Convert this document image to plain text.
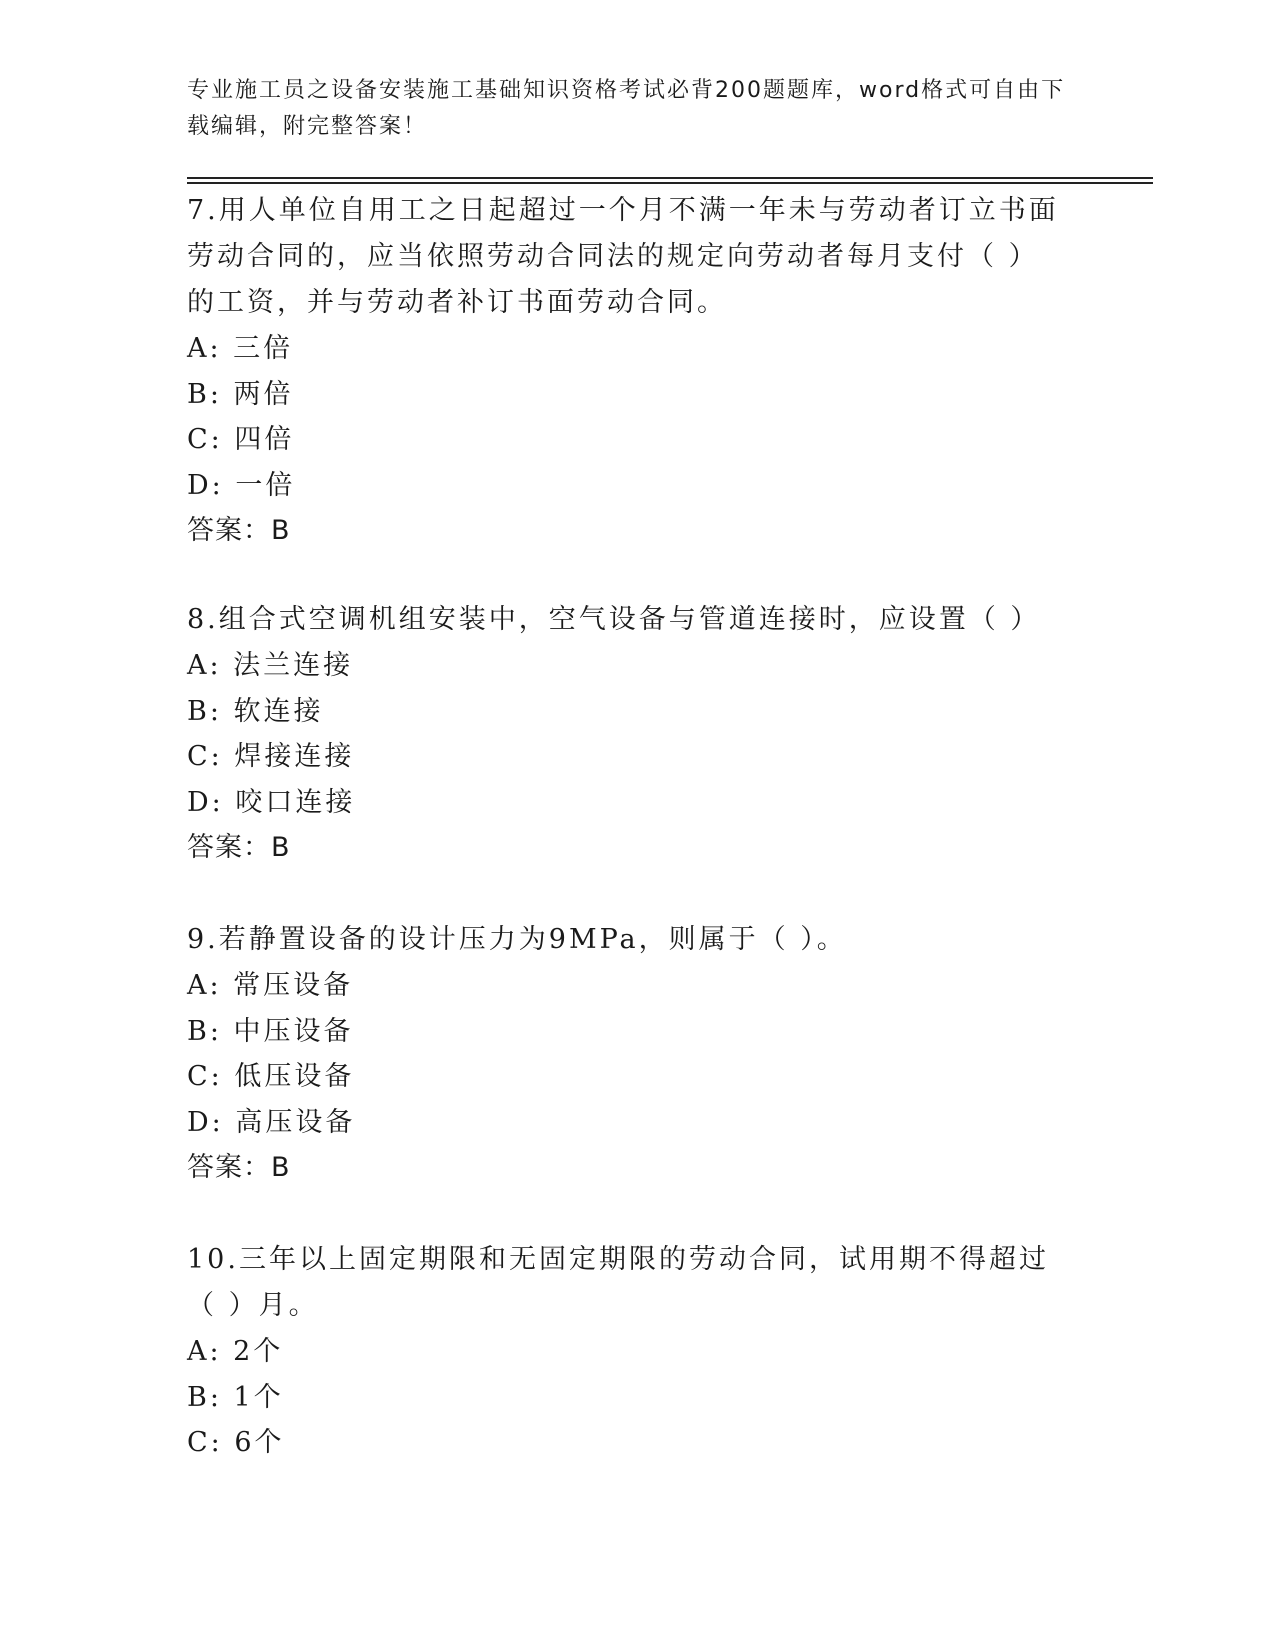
专业施工员之设备安装施工基础知识资格考试必背200题题库，word格式可自由下载编辑，附完整答案！

7.用人单位自用工之日起超过一个月不满一年未与劳动者订立书面劳动合同的，应当依照劳动合同法的规定向劳动者每月支付（ ）的工资，并与劳动者补订书面劳动合同。

A: 三倍

B: 两倍

C: 四倍

D: 一倍

答案：B

8.组合式空调机组安装中，空气设备与管道连接时，应设置（ ）

A: 法兰连接

B: 软连接

C: 焊接连接

D: 咬口连接

答案：B

9.若静置设备的设计压力为9MPa，则属于（ ）。

A: 常压设备

B: 中压设备

C: 低压设备

D: 高压设备

答案：B

10.三年以上固定期限和无固定期限的劳动合同，试用期不得超过（ ）月。

A: 2个

B: 1个

C: 6个
